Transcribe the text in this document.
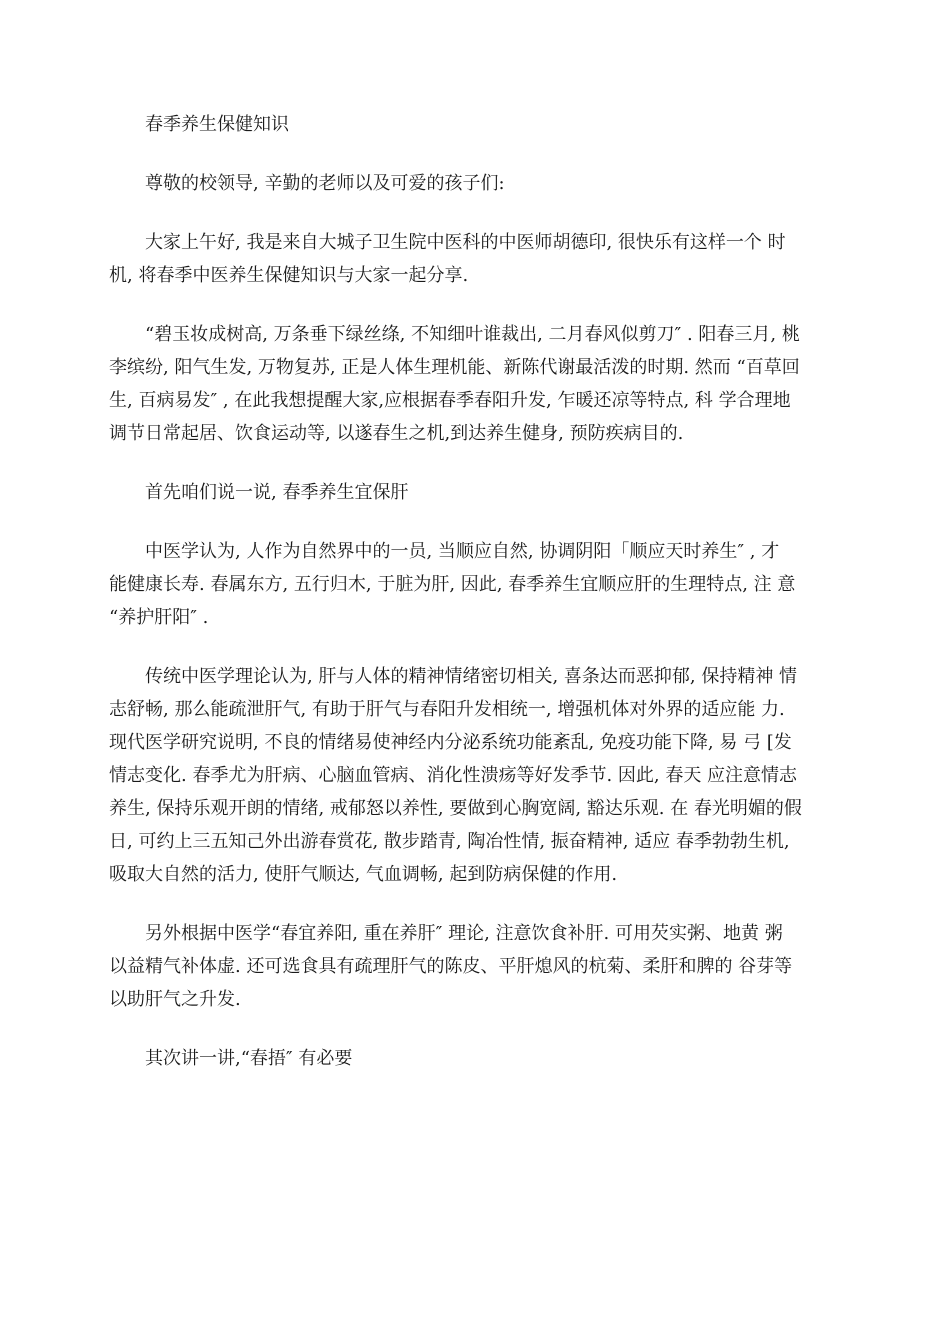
春季养生保健知识

尊敬的校领导, 辛勤的老师以及可爱的孩子们:

大家上午好, 我是来自大城子卫生院中医科的中医师胡德印, 很快乐有这样一个 时
机, 将春季中医养生保健知识与大家一起分享.

“碧玉妆成树高, 万条垂下绿丝绦, 不知细叶谁裁出, 二月春风似剪刀″ . 阳春三月, 桃
李缤纷, 阳气生发, 万物复苏, 正是人体生理机能、新陈代谢最活泼的时期. 然而 “百草回
生, 百病易发″ , 在此我想提醒大家,应根据春季春阳升发, 乍暖还凉等特点, 科 学合理地
调节日常起居、饮食运动等, 以遂春生之机,到达养生健身, 预防疾病目的.

首先咱们说一说, 春季养生宜保肝

中医学认为, 人作为自然界中的一员, 当顺应自然, 协调阴阳「顺应天时养生″ , 才
能健康长寿. 春属东方, 五行归木, 于脏为肝, 因此, 春季养生宜顺应肝的生理特点, 注 意
“养护肝阳″ .

传统中医学理论认为, 肝与人体的精神情绪密切相关, 喜条达而恶抑郁, 保持精神 情
志舒畅, 那么能疏泄肝气, 有助于肝气与春阳升发相统一, 增强机体对外界的适应能 力.
现代医学研究说明, 不良的情绪易使神经内分泌系统功能紊乱, 免疫功能下降, 易 弓 [发
情志变化. 春季尤为肝病、心脑血管病、消化性溃疡等好发季节. 因此, 春天 应注意情志
养生, 保持乐观开朗的情绪, 戒郁怒以养性, 要做到心胸宽阔, 豁达乐观. 在 春光明媚的假
日, 可约上三五知己外出游春赏花, 散步踏青, 陶冶性情, 振奋精神, 适应 春季勃勃生机,
吸取大自然的活力, 使肝气顺达, 气血调畅, 起到防病保健的作用.

另外根据中医学“春宜养阳, 重在养肝″ 理论, 注意饮食补肝. 可用芡实粥、地黄 粥
以益精气补体虚. 还可选食具有疏理肝气的陈皮、平肝熄风的杭菊、柔肝和脾的 谷芽等
以助肝气之升发.

其次讲一讲,“春捂″ 有必要
